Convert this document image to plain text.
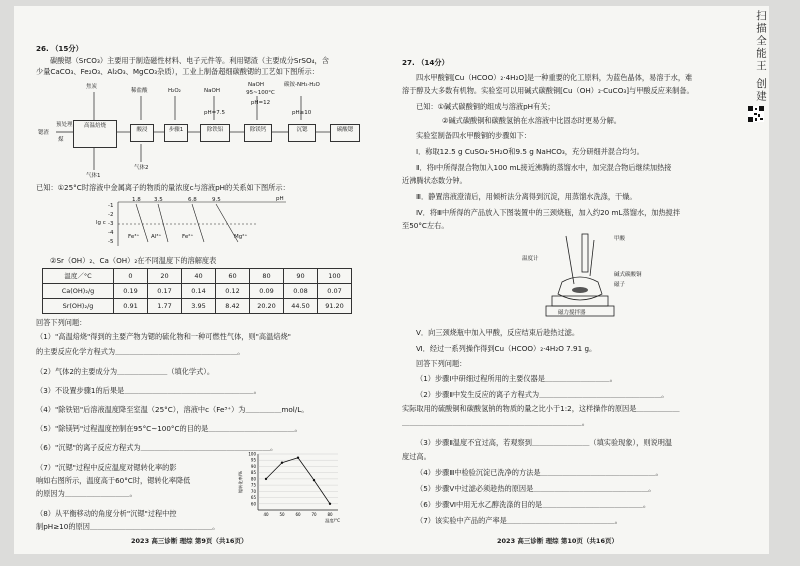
26. （15分）
碳酸锶（SrCO₃）主要用于制造磁性材料、电子元件等。利用锶渣（主要成分SrSO₄，含
少量CaCO₃、Fe₂O₃、Al₂O₃、MgCO₃杂质），工业上制备超细碳酸锶的工艺如下图所示：
锶渣
预处理
煤
焦炭
稀盐酸	H₂O₂	NaOH
NaOH	碳铵-NH₃·H₂O
pH=7.5
95~100°C pH=12
pH≥10
高温焙烧
酸浸	步骤1	除铁铝	除镁钙	沉锶	碳酸锶
气体1
气体2
已知：①25°C时溶液中金属离子的物质的量浓度c与溶液pH的关系如下图所示：
pH
lg c
1.8 3.5	6.8	9.5
-1
-2
-3
-4
-5
Fe³⁺ Al³⁺	Fe²⁺	Mg²⁺
②Sr（OH）₂、Ca（OH）₂在不同温度下的溶解度表
温度／°C	0	20	40	60	80	90	100
Ca(OH)₂/g	0.19	0.17	0.14	0.12	0.09	0.08	0.07
Sr(OH)₂/g	0.91	1.77	3.95	8.42	20.20	44.50	91.20
回答下列问题：
（1）"高温焙烧"得到的主要产物为锶的硫化物和一种可燃性气体，则"高温焙烧"
的主要反应化学方程式为＿＿＿＿＿＿＿＿＿＿＿＿＿＿＿＿＿。
（2）气体2的主要成分为＿＿＿＿＿＿＿（填化学式）。
（3）不设置步骤1的后果是＿＿＿＿＿＿＿＿＿＿＿＿＿＿＿＿＿＿。
（4）"除铁铝"后溶液温度降至室温（25°C），溶液中c（Fe³⁺）为＿＿＿＿＿mol/L。
（5）"除镁钙"过程温度控制在95°C~100°C的目的是＿＿＿＿＿＿＿＿＿＿＿＿。
（6）"沉锶"的离子反应方程式为＿＿＿＿＿＿＿＿＿＿＿＿＿＿＿＿＿＿。
（7）"沉锶"过程中反应温度对锶转化率的影
响如右图所示，温度高于60°C时，锶转化率降低
的原因为＿＿＿＿＿＿＿＿＿。
（8）从平衡移动的角度分析"沉锶"过程中控
制pH≥10的原因＿＿＿＿＿＿＿＿＿＿＿＿＿＿＿＿＿。
60
65
70
75
80
85
90
95
100
40	50	60	70	80
锶转化率/%
温度/°C
2023 高三诊断 理综 第9页（共16页）
27. （14分）
四水甲酸铜[Cu（HCOO）₂·4H₂O]是一种重要的化工原料，为蓝色晶体，易溶于水，难
溶于醇及大多数有机物。实验室可以用碱式碳酸铜[Cu（OH）₂·CuCO₃]与甲酸反应来制备。
已知：①碱式碳酸铜的组成与溶液pH有关；
②碱式碳酸铜和碳酸氢钠在水溶液中比固态时更易分解。
实验室制备四水甲酸铜的步骤如下：
Ⅰ．称取12.5 g CuSO₄·5H₂O和9.5 g NaHCO₃，充分研细并混合均匀。
Ⅱ．将Ⅰ中所得混合物加入100 mL接近沸腾的蒸馏水中，加完混合物后继续加热接
近沸腾状态数分钟。
Ⅲ．静置溶液澄清后，用倾析法分离得到沉淀，用蒸馏水洗涤，干燥。
Ⅳ．将Ⅲ中所得的产品放入下图装置中的三颈烧瓶，加入约20 mL蒸馏水，加热搅拌
至50°C左右。
温度计
甲酸
碱式碳酸铜
磁子
磁力搅拌器
Ⅴ．向三颈烧瓶中加入甲酸，反应结束后趁热过滤。
Ⅵ．经过一系列操作得到Cu（HCOO）₂·4H₂O 7.91 g。
回答下列问题：
（1）步骤Ⅰ中研细过程所用的主要仪器是＿＿＿＿＿＿＿＿＿。
（2）步骤Ⅱ中发生反应的离子方程式为＿＿＿＿＿＿＿＿＿＿＿＿＿＿＿＿＿。
实际取用的硫酸铜和碳酸氢钠的物质的量之比小于1:2，这样操作的原因是＿＿＿＿＿＿
＿＿＿＿＿＿＿＿＿＿＿＿＿＿＿＿＿＿＿＿＿＿＿＿＿。
（3）步骤Ⅱ温度不宜过高，若观察到＿＿＿＿＿＿＿＿（填实验现象），则说明温
度过高。
（4）步骤Ⅲ中检验沉淀已洗净的方法是＿＿＿＿＿＿＿＿＿＿＿＿＿＿＿＿。
（5）步骤Ⅴ中过滤必须趁热的原因是＿＿＿＿＿＿＿＿＿＿＿＿＿＿＿＿。
（6）步骤Ⅵ中用无水乙醇洗涤的目的是＿＿＿＿＿＿＿＿＿＿＿＿＿＿。
（7）该实验中产品的产率是＿＿＿＿＿＿＿＿＿＿＿＿＿＿＿。
2023 高三诊断 理综 第10页（共16页）
扫描全能王 创建
